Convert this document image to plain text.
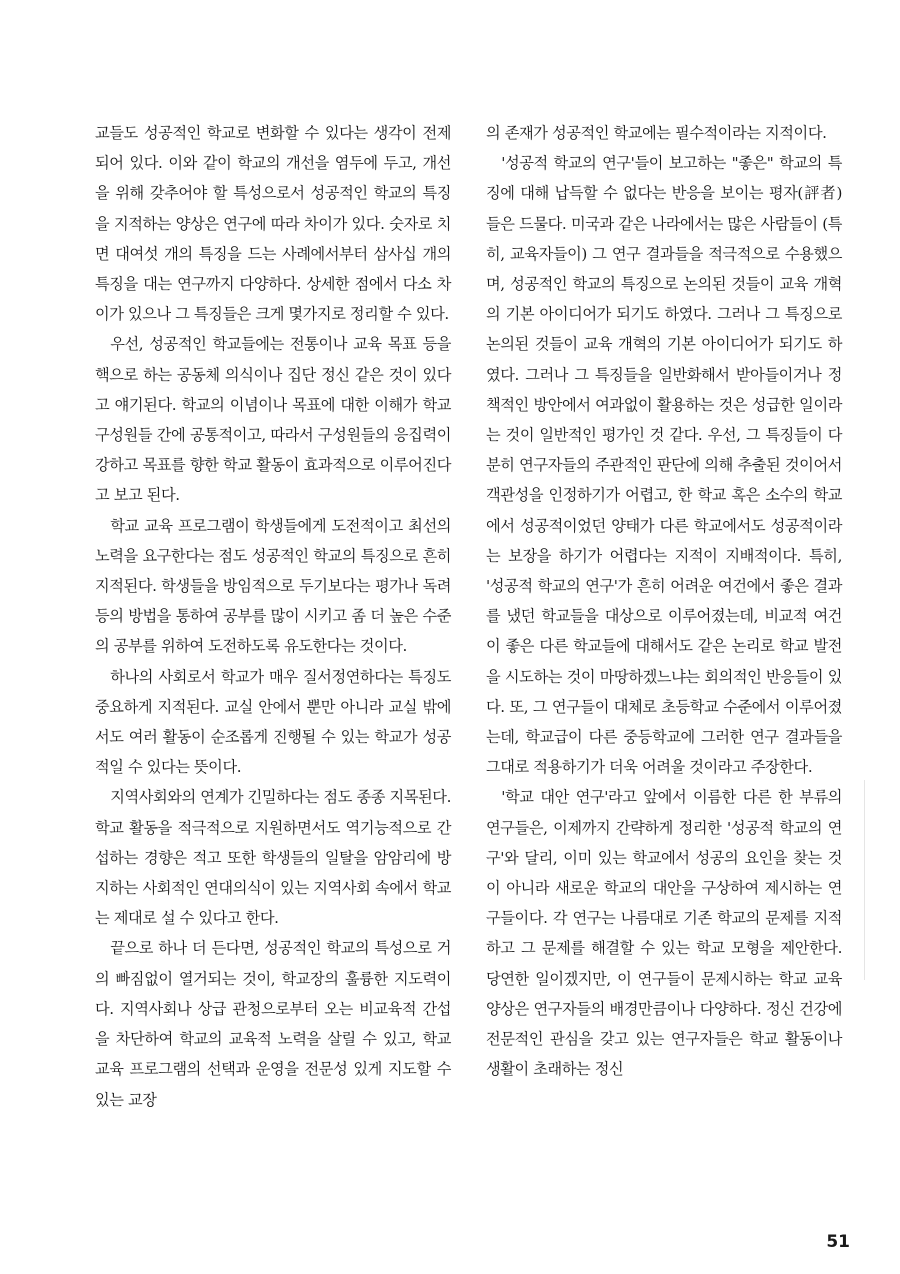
교들도 성공적인 학교로 변화할 수 있다는 생각이 전제되어 있다. 이와 같이 학교의 개선을 염두에 두고, 개선을 위해 갖추어야 할 특성으로서 성공적인 학교의 특징을 지적하는 양상은 연구에 따라 차이가 있다. 숫자로 치면 대여섯 개의 특징을 드는 사례에서부터 삼사십 개의 특징을 대는 연구까지 다양하다. 상세한 점에서 다소 차이가 있으나 그 특징들은 크게 몇가지로 정리할 수 있다.

우선, 성공적인 학교들에는 전통이나 교육 목표 등을 핵으로 하는 공동체 의식이나 집단 정신 같은 것이 있다고 얘기된다. 학교의 이념이나 목표에 대한 이해가 학교 구성원들 간에 공통적이고, 따라서 구성원들의 응집력이 강하고 목표를 향한 학교 활동이 효과적으로 이루어진다고 보고 된다.

학교 교육 프로그램이 학생들에게 도전적이고 최선의 노력을 요구한다는 점도 성공적인 학교의 특징으로 흔히 지적된다. 학생들을 방임적으로 두기보다는 평가나 독려 등의 방법을 통하여 공부를 많이 시키고 좀 더 높은 수준의 공부를 위하여 도전하도록 유도한다는 것이다.

하나의 사회로서 학교가 매우 질서정연하다는 특징도 중요하게 지적된다. 교실 안에서 뿐만 아니라 교실 밖에서도 여러 활동이 순조롭게 진행될 수 있는 학교가 성공적일 수 있다는 뜻이다.

지역사회와의 연계가 긴밀하다는 점도 종종 지목된다. 학교 활동을 적극적으로 지원하면서도 역기능적으로 간섭하는 경향은 적고 또한 학생들의 일탈을 암암리에 방지하는 사회적인 연대의식이 있는 지역사회 속에서 학교는 제대로 설 수 있다고 한다.

끝으로 하나 더 든다면, 성공적인 학교의 특성으로 거의 빠짐없이 열거되는 것이, 학교장의 훌륭한 지도력이다. 지역사회나 상급 관청으로부터 오는 비교육적 간섭을 차단하여 학교의 교육적 노력을 살릴 수 있고, 학교 교육 프로그램의 선택과 운영을 전문성 있게 지도할 수 있는 교장

의 존재가 성공적인 학교에는 필수적이라는 지적이다.

'성공적 학교의 연구'들이 보고하는 "좋은" 학교의 특징에 대해 납득할 수 없다는 반응을 보이는 평자(評者)들은 드물다. 미국과 같은 나라에서는 많은 사람들이 (특히, 교육자들이) 그 연구 결과들을 적극적으로 수용했으며, 성공적인 학교의 특징으로 논의된 것들이 교육 개혁의 기본 아이디어가 되기도 하였다. 그러나 그 특징으로 논의된 것들이 교육 개혁의 기본 아이디어가 되기도 하였다. 그러나 그 특징들을 일반화해서 받아들이거나 정책적인 방안에서 여과없이 활용하는 것은 성급한 일이라는 것이 일반적인 평가인 것 같다. 우선, 그 특징들이 다분히 연구자들의 주관적인 판단에 의해 추출된 것이어서 객관성을 인정하기가 어렵고, 한 학교 혹은 소수의 학교에서 성공적이었던 양태가 다른 학교에서도 성공적이라는 보장을 하기가 어렵다는 지적이 지배적이다. 특히, '성공적 학교의 연구'가 흔히 어려운 여건에서 좋은 결과를 냈던 학교들을 대상으로 이루어졌는데, 비교적 여건이 좋은 다른 학교들에 대해서도 같은 논리로 학교 발전을 시도하는 것이 마땅하겠느냐는 회의적인 반응들이 있다. 또, 그 연구들이 대체로 초등학교 수준에서 이루어졌는데, 학교급이 다른 중등학교에 그러한 연구 결과들을 그대로 적용하기가 더욱 어려울 것이라고 주장한다.

'학교 대안 연구'라고 앞에서 이름한 다른 한 부류의 연구들은, 이제까지 간략하게 정리한 '성공적 학교의 연구'와 달리, 이미 있는 학교에서 성공의 요인을 찾는 것이 아니라 새로운 학교의 대안을 구상하여 제시하는 연구들이다. 각 연구는 나름대로 기존 학교의 문제를 지적하고 그 문제를 해결할 수 있는 학교 모형을 제안한다. 당연한 일이겠지만, 이 연구들이 문제시하는 학교 교육 양상은 연구자들의 배경만큼이나 다양하다. 정신 건강에 전문적인 관심을 갖고 있는 연구자들은 학교 활동이나 생활이 초래하는 정신

51
